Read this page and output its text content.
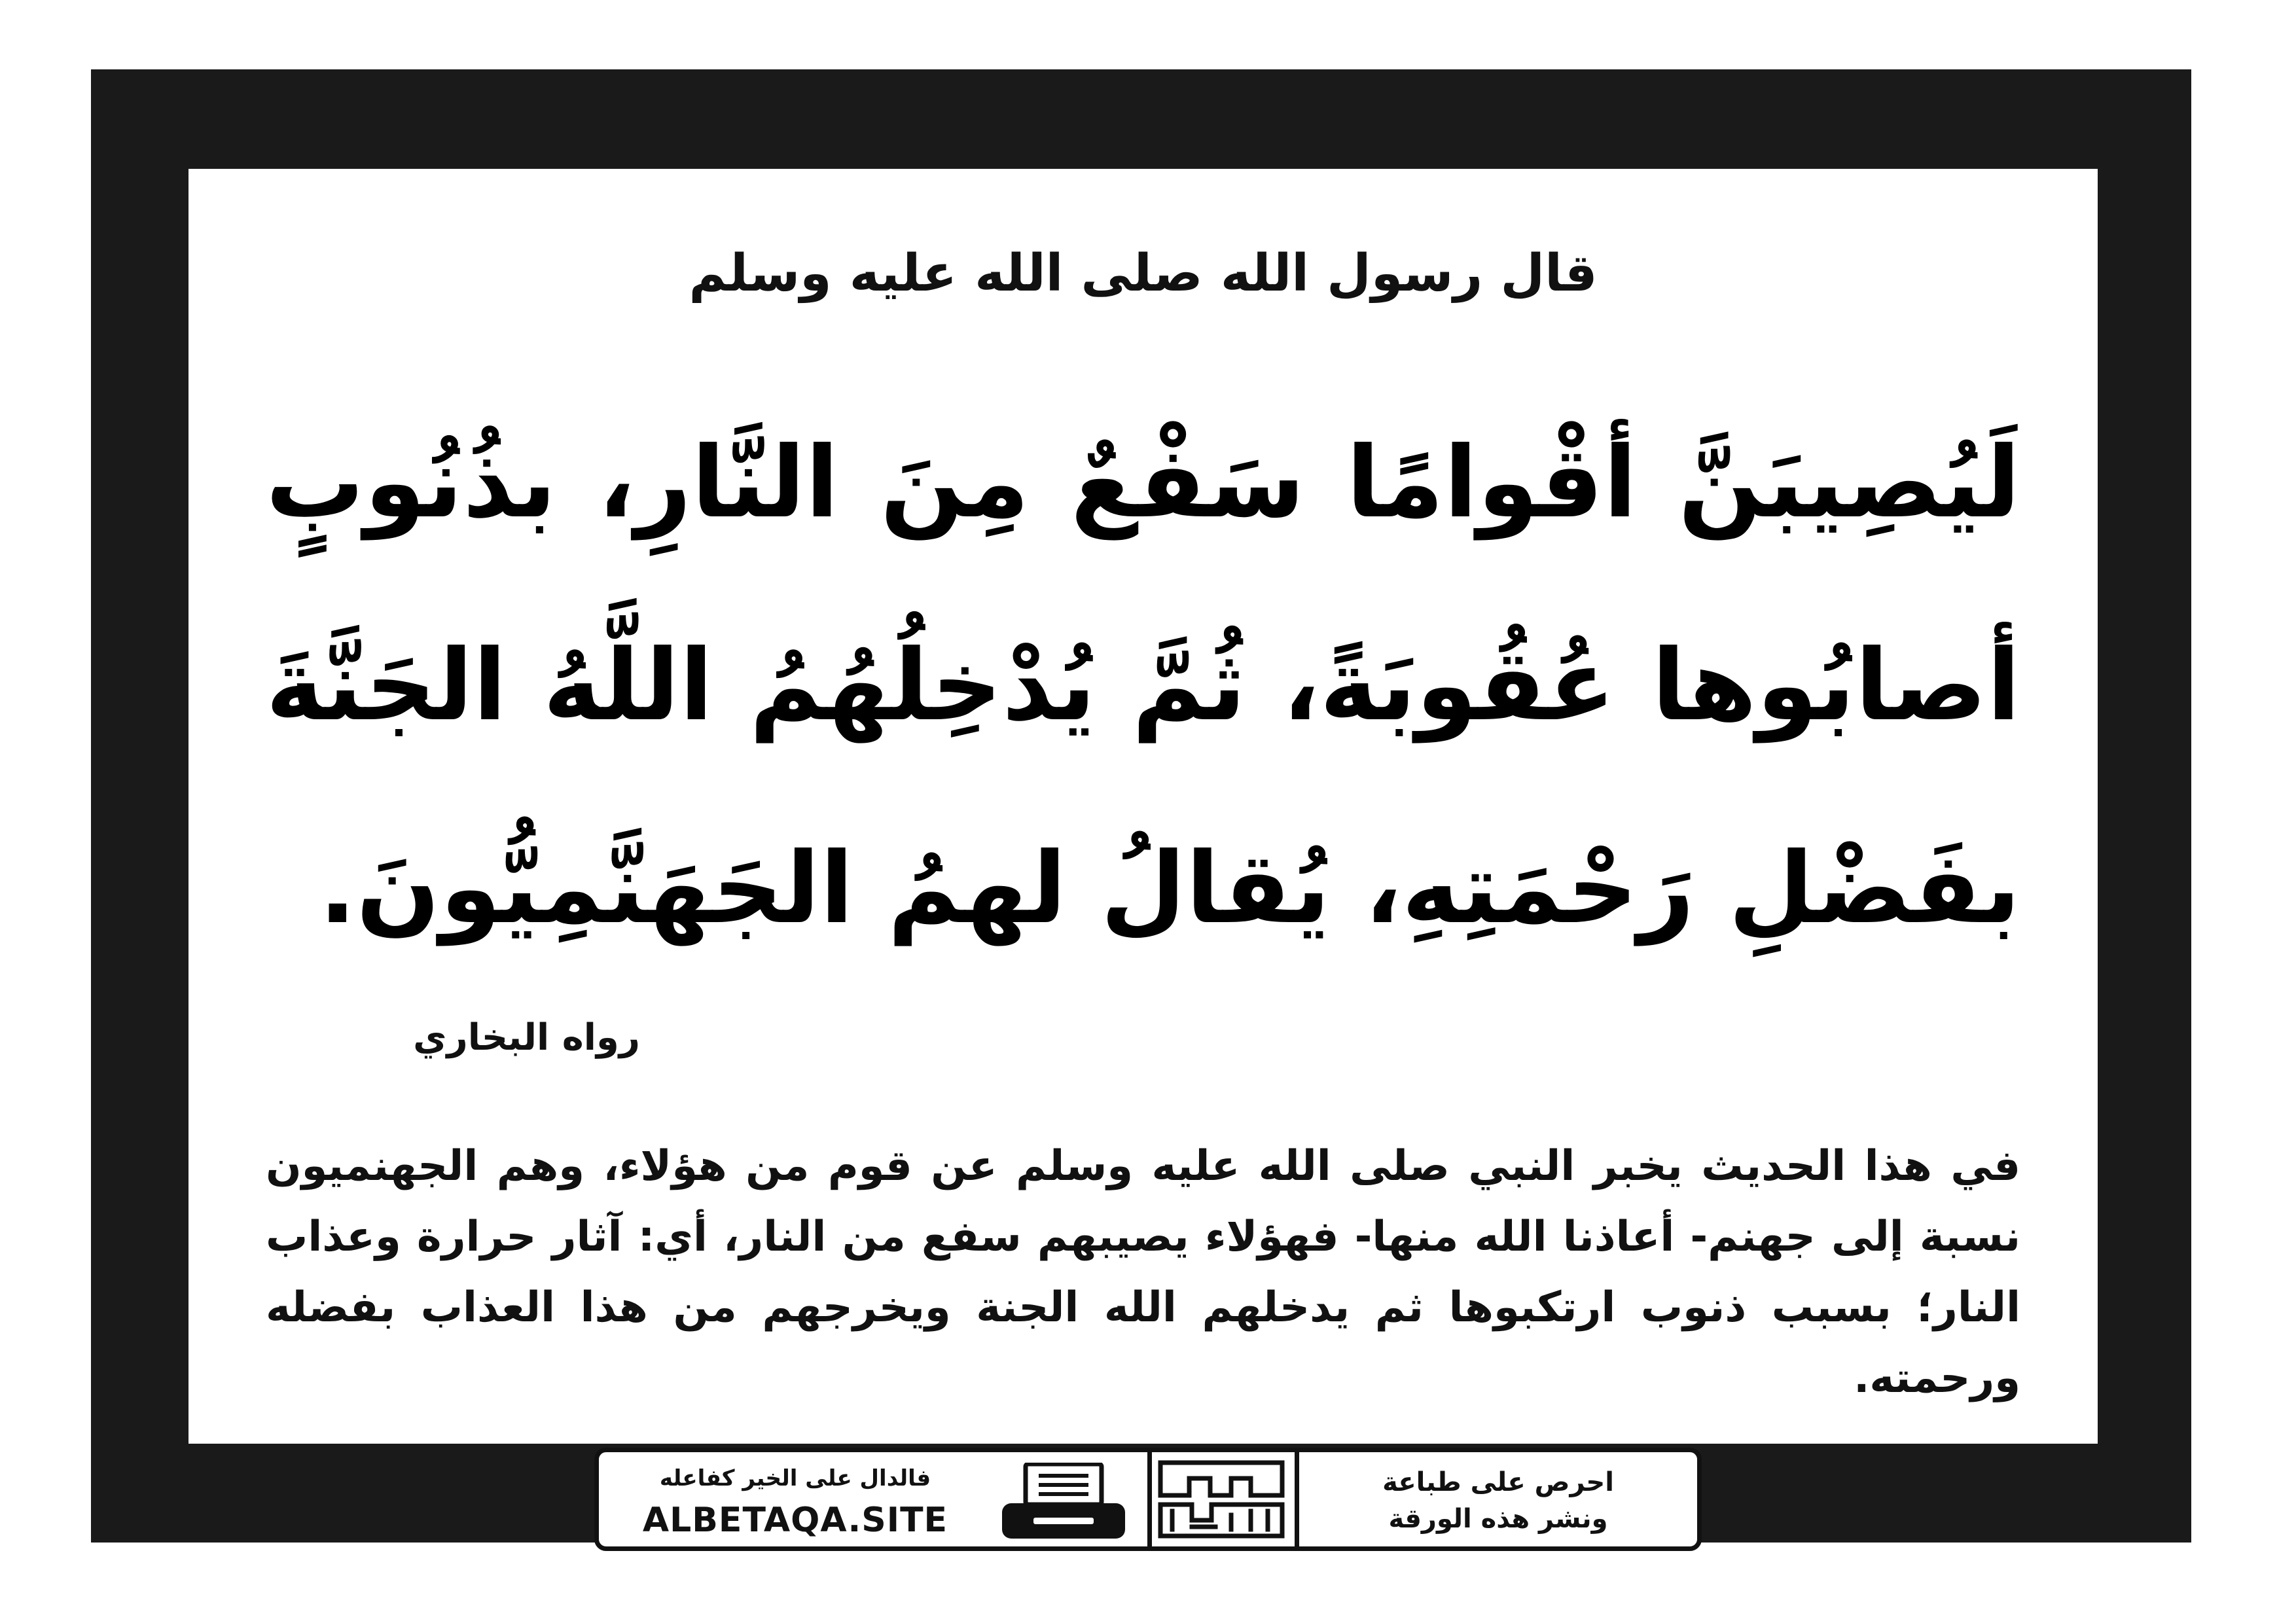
قال رسول الله صلى الله عليه وسلم

لَيُصِيبَنَّ أقْوامًا سَفْعٌ مِنَ النَّارِ، بذُنُوبٍ أصابُوها عُقُوبَةً، ثُمَّ يُدْخِلُهُمُ اللَّهُ الجَنَّةَ بفَضْلِ رَحْمَتِهِ، يُقالُ لهمُ الجَهَنَّمِيُّونَ.

رواه البخاري

في هذا الحديث يخبر النبي صلى الله عليه وسلم عن قوم من هؤلاء، وهم الجهنميون نسبة إلى جهنم- أعاذنا الله منها- فهؤلاء يصيبهم سفع من النار، أي: آثار حرارة وعذاب النار؛ بسبب ذنوب ارتكبوها ثم يدخلهم الله الجنة ويخرجهم من هذا العذاب بفضله ورحمته.

احرص على طباعة
ونشر هذه الورقة
فالدال على الخير كفاعله
ALBETAQA.SITE
